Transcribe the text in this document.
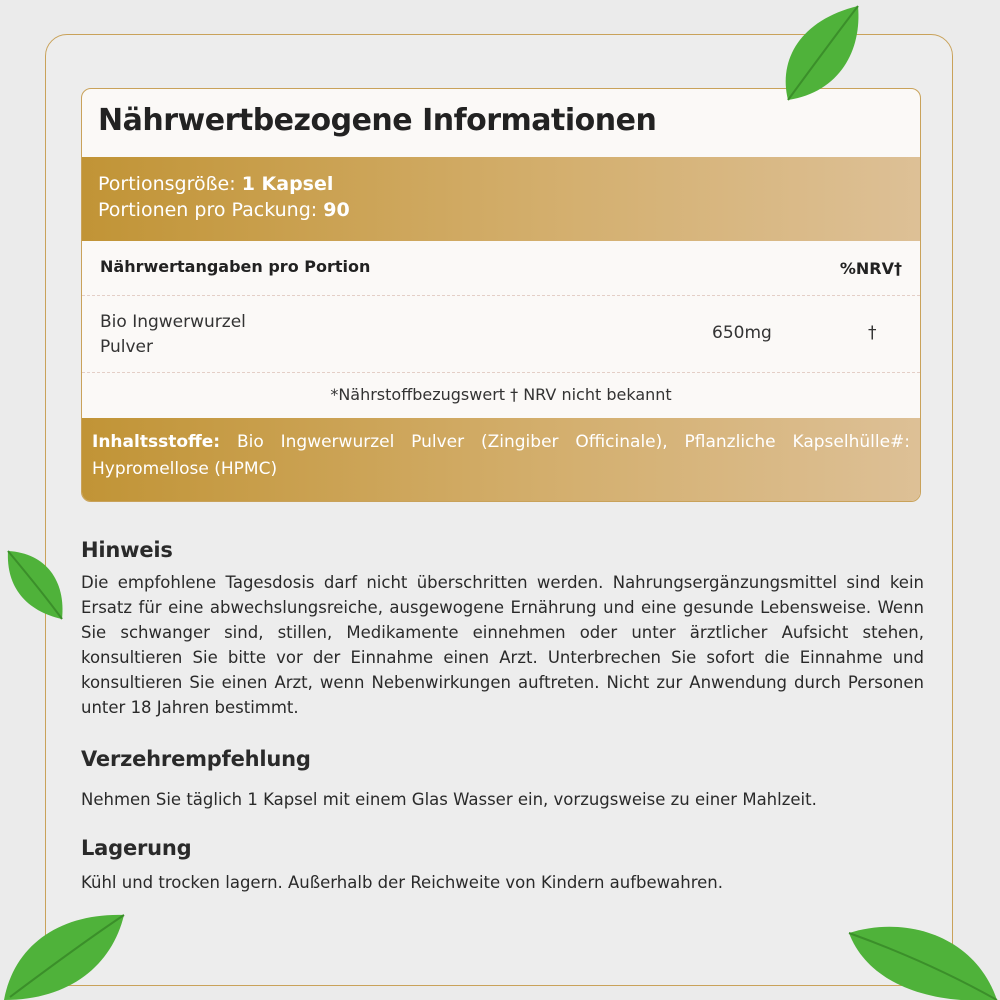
Nährwertbezogene Informationen
Portionsgröße: 1 Kapsel
Portionen pro Packung: 90
Nährwertangaben pro Portion	%NRV†
Bio Ingwerwurzel Pulver
650mg	†
*Nährstoffbezugswert † NRV nicht bekannt
Inhaltsstoffe: Bio Ingwerwurzel Pulver (Zingiber Officinale), Pflanzliche Kapselhülle#: Hypromellose (HPMC)
Hinweis

Die empfohlene Tagesdosis darf nicht überschritten werden. Nahrungsergänzungsmittel sind kein Ersatz für eine abwechslungsreiche, ausgewogene Ernährung und eine gesunde Lebensweise. Wenn Sie schwanger sind, stillen, Medikamente einnehmen oder unter ärztlicher Aufsicht stehen, konsultieren Sie bitte vor der Einnahme einen Arzt. Unterbrechen Sie sofort die Einnahme und konsultieren Sie einen Arzt, wenn Nebenwirkungen auftreten. Nicht zur Anwendung durch Personen unter 18 Jahren bestimmt.

Verzehrempfehlung

Nehmen Sie täglich 1 Kapsel mit einem Glas Wasser ein, vorzugsweise zu einer Mahlzeit.

Lagerung

Kühl und trocken lagern. Außerhalb der Reichweite von Kindern aufbewahren.
